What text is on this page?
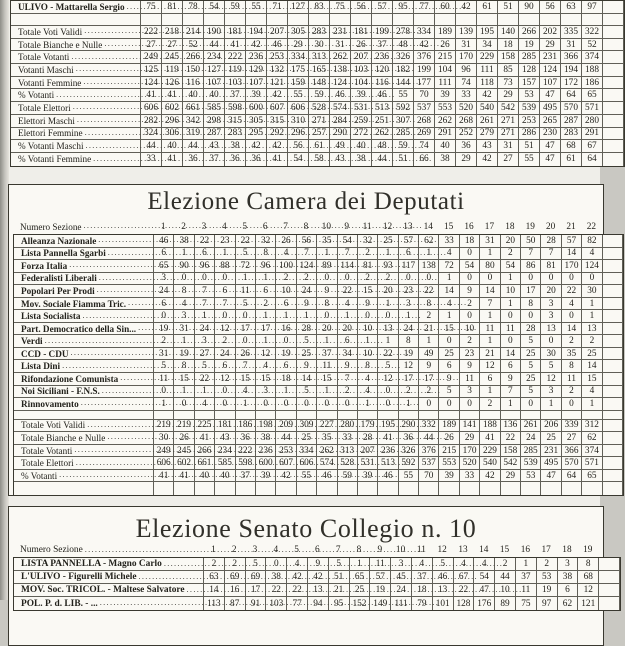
ULIVO - Mattarella Sergio .....	75	81	78	54	59	55	71	127	83	75	56	57	95	77	60	42	61	51	90	56	63	97
Totale Voti Validi .....	222 218 214 190 181 194 207 305 283 231 181 199 278 334 189 139 195 140 266 202 335 322
Totale Bianche e Nulle .....	27	27	52	44	41	42	46	29	30	31	26	37	48	42	26	31	34	18	19	29	31	52
Totale Votanti .....	249 245 266 234 222 236 253 334 313 262 207 236 326 376 215 170 229 158 285 231 366 374
Votanti Maschi .....	125 119 150 127 119 129 132 175 165 138 103 120 182 199 104	96	111	85	128 124 194 188
Votanti Femmine .....	124 126 116 107 103 107 121 159 148 124 104 116 144 177 111	74	118	73	157 107 172 186
% Votanti .....	41	41	40	40	37	39	42	55	59	46	39	46	55	70	39	33	42	29	53	47	64	65
Totale Elettori .....	606 602 661 585 598 600 607 606 528 574 531 513 592 537 553 520 540 542 539 495 570 571
Elettori Maschi .....	282 296 342 298 315 305 315 310 271 284 259 251 307 268 262 268 261 271 253 265 287 280
Elettori Femmine .....	324 306 319 287 283 295 292 296 257 290 272 262 285 269 291 252 279 271 286 230 283 291
% Votanti Maschi .....	44	40	44	43	38	42	42	56	61	49	40	48	59	74	40	36	43	31	51	47	68	67
% Votanti Femmine .....	33	41	36	37	36	36	41	54	58	43	38	44	51	66	38	29	42	27	55	47	61	64
Elezione Camera dei Deputati
Numero Sezione .....	1	2	3	4	5	6	7	8	10	9	11	12	13	14	15	16	17	18	19	20	21	22
Alleanza Nazionale .....	46	38	22	23	22	32	26	56	35	54	32	25	57	62	33	18	31	20	50	28	57	82
Lista Pannella Sgarbi .....	6	1	6	1	5	8	4	7	1	7	2	1	6	1	4	0	1	2	7	7	14	4
Forza Italia .....	65	90	96	88	72	96 100 124 89 114 81	93 117 138 72	54	80	54	86	81 170 124
Federalisti Liberali .....	3	0	0	0	1	1	2	2	0	0	2	2	0	0	1	0	0	1	0	0	0	0
Popolari Per Prodi .....	24	8	7	6	11	6	10	24	9	22	15	20	23	22	14	9	14	10	17	20	22	30
Mov. Sociale Fiamma Tric. .....	6	4	7	7	5	2	6	9	8	4	9	1	3	8	4	2	7	1	8	3	4	1
Lista Socialista .....	0	3	1	0	0	1	1	1	0	1	0	0	1	2	1	0	1	0	0	3	0	1
Part. Democratico della Sin... .....	19	31	24	12	17	17	16	28	20	20	10	13	24	21	15	10	11	11	28	13	14	13
Verdi .....	2	1	3	2	0	1	0	5	1	6	1	1	8	1	0	2	1	0	5	0	2	2
CCD - CDU .....	31	19	27	24	26	12	19	25	37	34	10	22	19	49	25	23	21	14	25	30	35	25
Lista Dini .....	5	8	5	6	7	4	6	9	11	9	8	5	12	9	6	9	12	6	5	5	8	14
Rifondazione Comunista .....	11	15	22	12	15	15	18	14	15	7	4	12	17	17	9	11	6	9	25	12	11	15
Noi Siciliani - F.N.S. .....	0	1	1	0	4	3	1	5	1	2	4	0	2	2	5	3	1	7	5	3	2	4
Rinnovamento .....	1	0	4	0	1	0	0	0	0	0	1	0	1	0	0	0	2	1	0	1	0	1
Totale Voti Validi .....	219 219 225 181 186 198 209 309 227 280 179 195 290 332 189 141 188 136 261 206 339 312
Totale Bianche e Nulle .....	30	26	41	43	36	38	44	25	35	33	28	41	36	44	26	29	41	22	24	25	27	62
Totale Votanti .....	249 245 266 234 222 236 253 334 262 313 207 236 326 376 215 170 229 158 285 231 366 374
Totale Elettori .....	606 602 661 585 598 600 607 606 574 528 531 513 592 537 553 520 540 542 539 495 570 571
% Votanti .....	41	41	40	40	37	39	42	55	46	59	39	46	55	70	39	33	42	29	53	47	64	65
Elezione Senato Collegio n. 10
Numero Sezione .....	1	2	3	4	5	6	7	8	9	10	11	12	13	14	15	16	17	18	19
LISTA PANNELLA - Magno Carlo .....	2	2	5	0	4	9	5	1	11	3	4	5	4	4	2	1	2	3	8
L'ULIVO - Figurelli Michele .....	63	69	69	38	42	42	51	65	57	45	37	46	67	54	44	37	53	38	68
MOV. Soc. TRICOL. - Maltese Salvatore .....	14	16	17	22	22	13	21	25	19	24	18	13	22	47	10	11	19	6	12
POL. P. d. LIB. - ... .....	113	87	91 103 77	94	95 152 149 111	79 101 128 176 89	75	97	62 121
